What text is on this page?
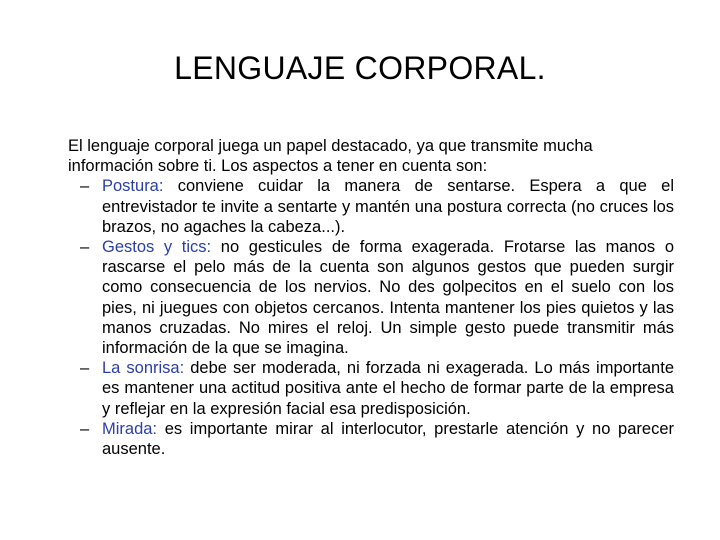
LENGUAJE CORPORAL.

El lenguaje corporal juega un papel destacado, ya que transmite mucha información sobre ti. Los aspectos a tener en cuenta son:

– Postura: conviene cuidar la manera de sentarse. Espera a que el entrevistador te invite a sentarte y mantén una postura correcta (no cruces los brazos, no agaches la cabeza...).
– Gestos y tics: no gesticules de forma exagerada. Frotarse las manos o rascarse el pelo más de la cuenta son algunos gestos que pueden surgir como consecuencia de los nervios. No des golpecitos en el suelo con los pies, ni juegues con objetos cercanos. Intenta mantener los pies quietos y las manos cruzadas. No mires el reloj. Un simple gesto puede transmitir más información de la que se imagina.
– La sonrisa: debe ser moderada, ni forzada ni exagerada. Lo más importante es mantener una actitud positiva ante el hecho de formar parte de la empresa y reflejar en la expresión facial esa predisposición.
– Mirada: es importante mirar al interlocutor, prestarle atención y no parecer ausente.
